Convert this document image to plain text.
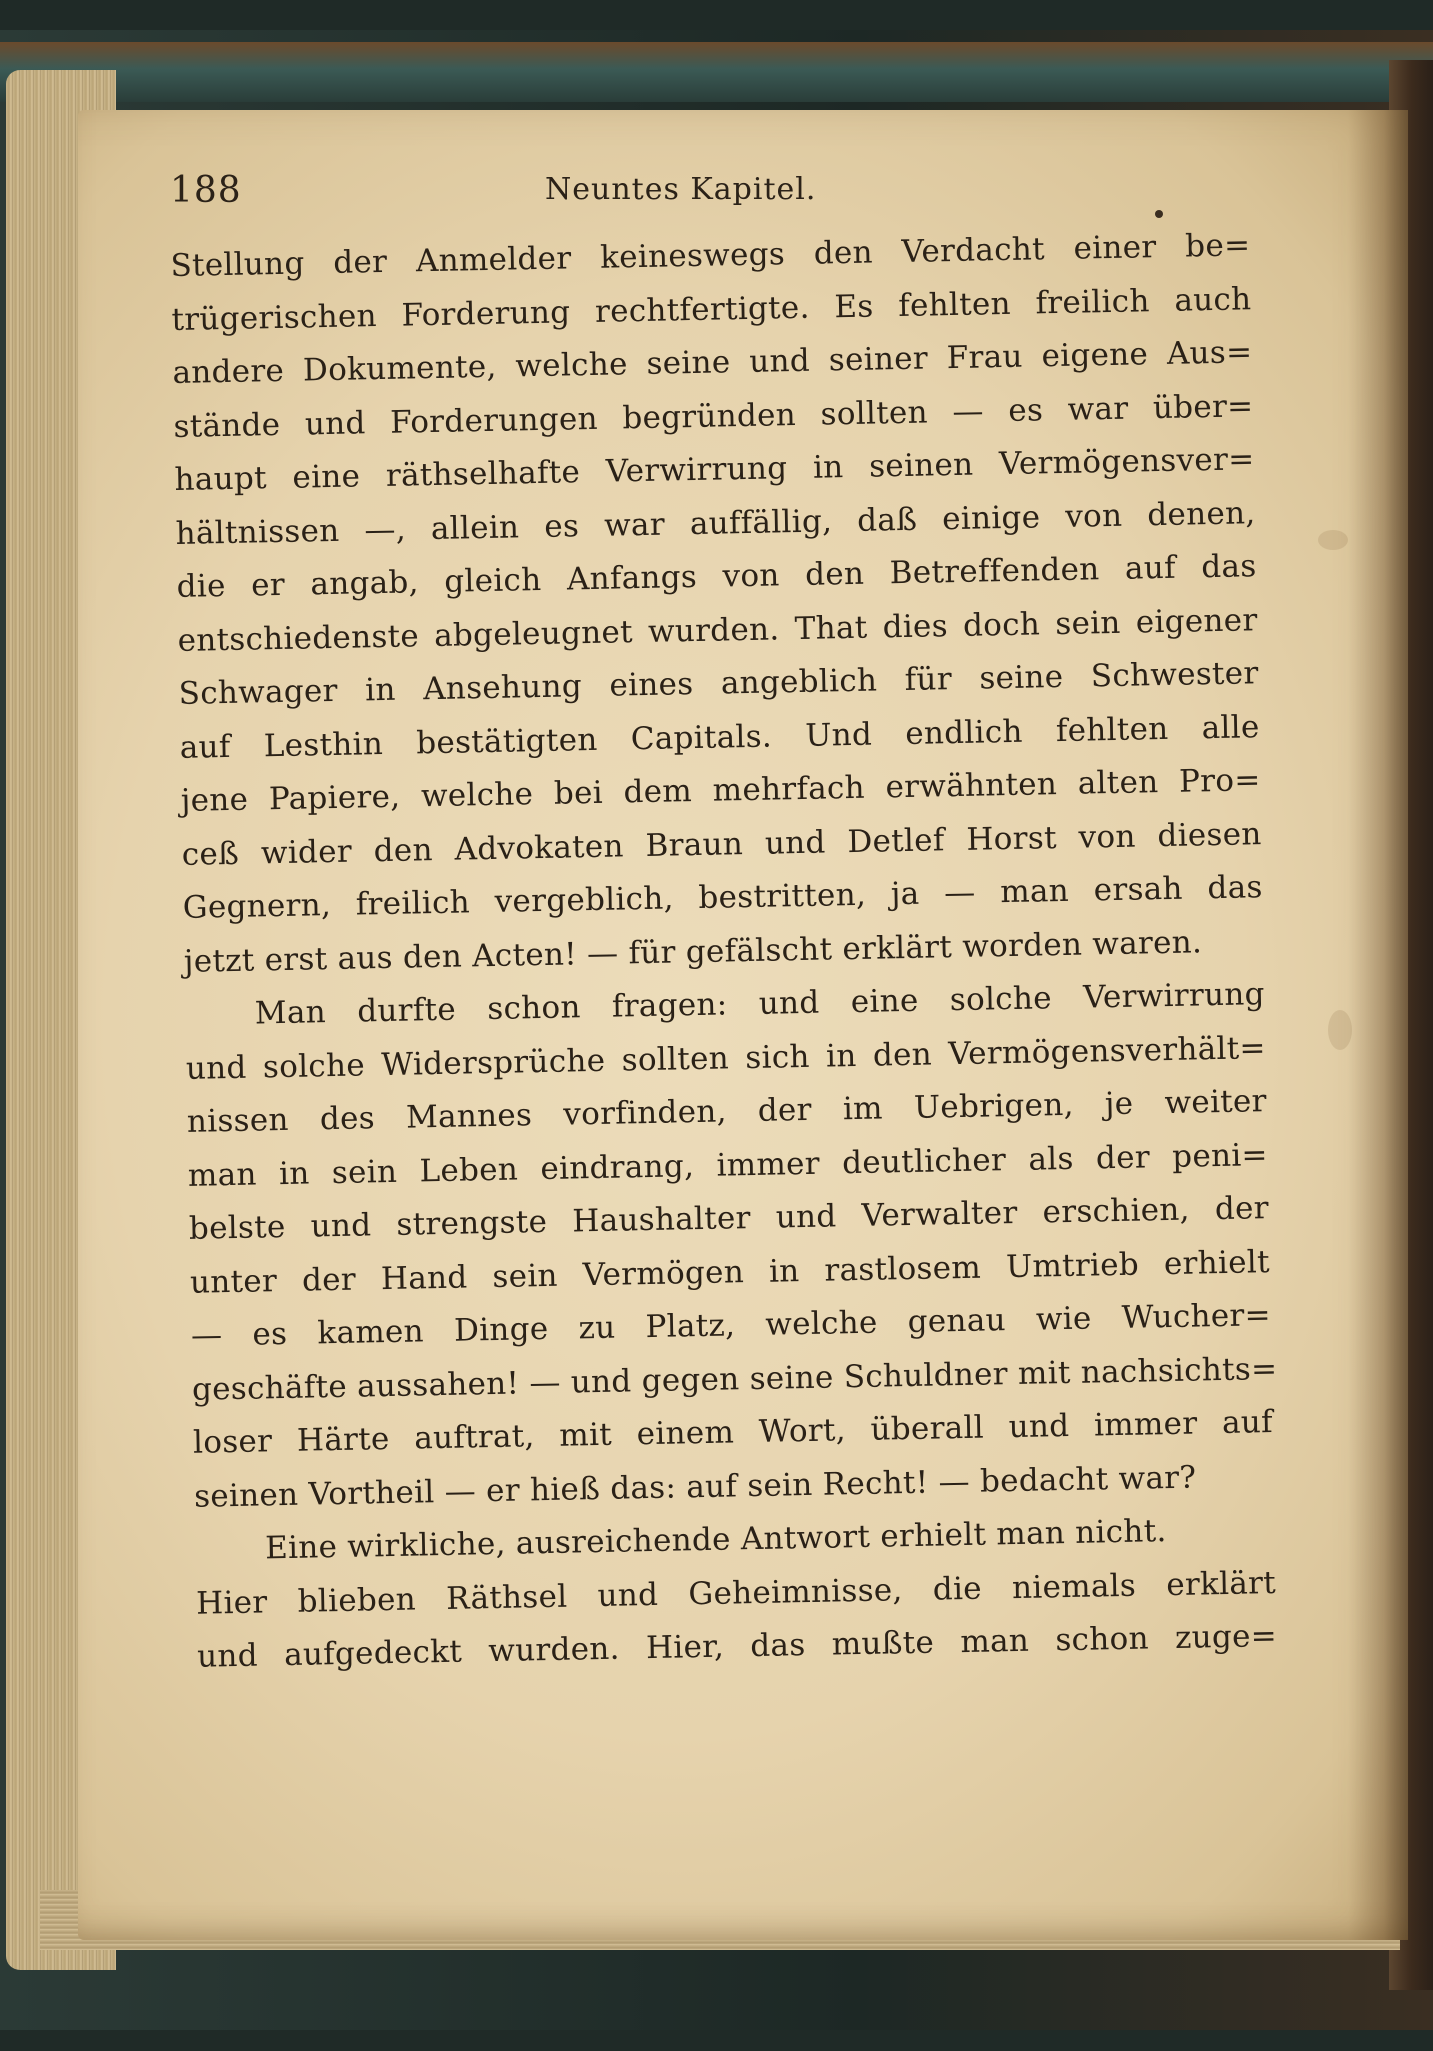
188	Neuntes Kapitel.
Stellung der Anmelder keineswegs den Verdacht einer be=
trügerischen Forderung rechtfertigte. Es fehlten freilich auch
andere Dokumente, welche seine und seiner Frau eigene Aus=
stände und Forderungen begründen sollten — es war über=
haupt eine räthselhafte Verwirrung in seinen Vermögensver=
hältnissen —, allein es war auffällig, daß einige von denen,
die er angab, gleich Anfangs von den Betreffenden auf das
entschiedenste abgeleugnet wurden. That dies doch sein eigener
Schwager in Ansehung eines angeblich für seine Schwester
auf Lesthin bestätigten Capitals. Und endlich fehlten alle
jene Papiere, welche bei dem mehrfach erwähnten alten Pro=
ceß wider den Advokaten Braun und Detlef Horst von diesen
Gegnern, freilich vergeblich, bestritten, ja — man ersah das
jetzt erst aus den Acten! — für gefälscht erklärt worden waren.
Man durfte schon fragen: und eine solche Verwirrung
und solche Widersprüche sollten sich in den Vermögensverhält=
nissen des Mannes vorfinden, der im Uebrigen, je weiter
man in sein Leben eindrang, immer deutlicher als der peni=
belste und strengste Haushalter und Verwalter erschien, der
unter der Hand sein Vermögen in rastlosem Umtrieb erhielt
— es kamen Dinge zu Platz, welche genau wie Wucher=
geschäfte aussahen! — und gegen seine Schuldner mit nachsichts=
loser Härte auftrat, mit einem Wort, überall und immer auf
seinen Vortheil — er hieß das: auf sein Recht! — bedacht war?
Eine wirkliche, ausreichende Antwort erhielt man nicht.
Hier blieben Räthsel und Geheimnisse, die niemals erklärt
und aufgedeckt wurden. Hier, das mußte man schon zuge=
